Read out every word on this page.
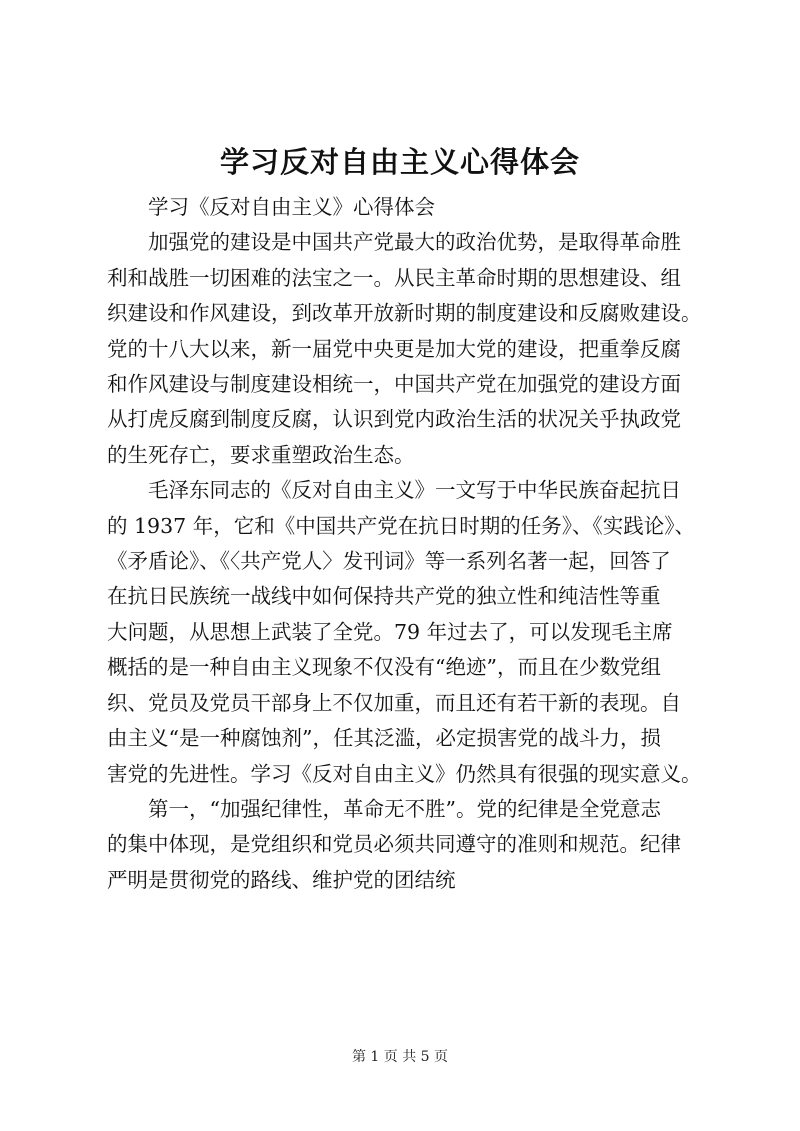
学习反对自由主义心得体会

学习《反对自由主义》心得体会

加强党的建设是中国共产党最大的政治优势，是取得革命胜
利和战胜一切困难的法宝之一。从民主革命时期的思想建设、组
织建设和作风建设，到改革开放新时期的制度建设和反腐败建设。
党的十八大以来，新一届党中央更是加大党的建设，把重拳反腐
和作风建设与制度建设相统一，中国共产党在加强党的建设方面
从打虎反腐到制度反腐，认识到党内政治生活的状况关乎执政党
的生死存亡，要求重塑政治生态。

毛泽东同志的《反对自由主义》一文写于中华民族奋起抗日
的 1937 年，它和《中国共产党在抗日时期的任务》、《实践论》、
《矛盾论》、《〈共产党人〉发刊词》等一系列名著一起，回答了
在抗日民族统一战线中如何保持共产党的独立性和纯洁性等重
大问题，从思想上武装了全党。79 年过去了，可以发现毛主席
概括的是一种自由主义现象不仅没有“绝迹”，而且在少数党组
织、党员及党员干部身上不仅加重，而且还有若干新的表现。自
由主义“是一种腐蚀剂”，任其泛滥，必定损害党的战斗力，损
害党的先进性。学习《反对自由主义》仍然具有很强的现实意义。

第一，“加强纪律性，革命无不胜”。党的纪律是全党意志
的集中体现，是党组织和党员必须共同遵守的准则和规范。纪律
严明是贯彻党的路线、维护党的团结统

第 1 页 共 5 页
